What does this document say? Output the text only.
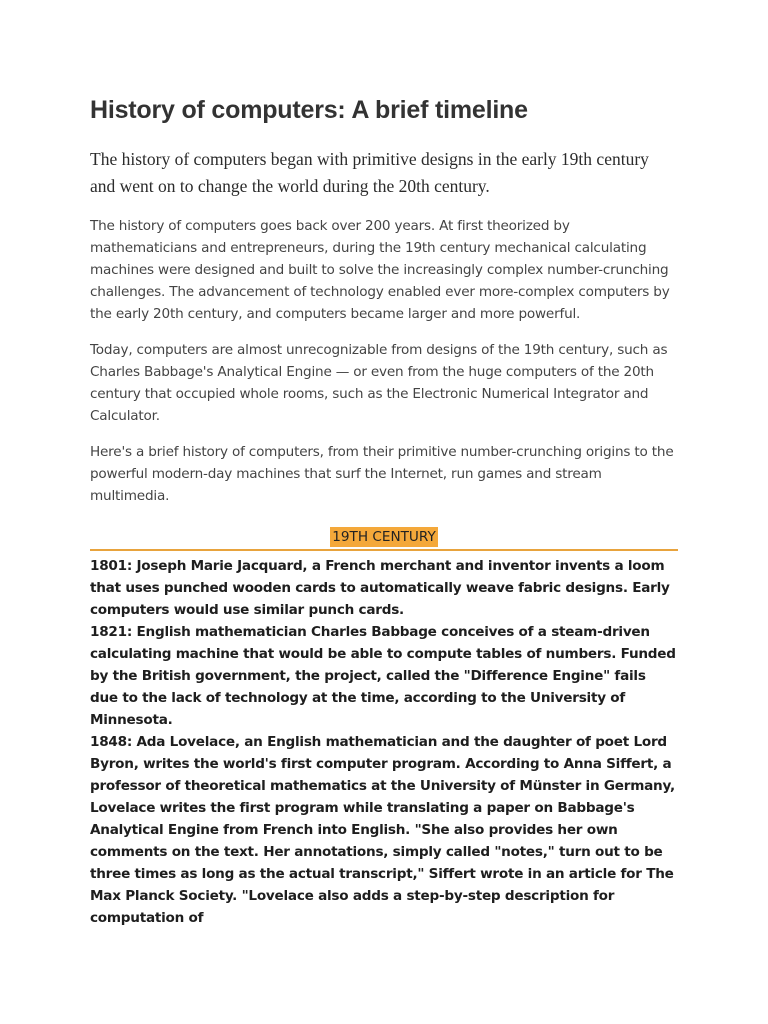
History of computers: A brief timeline

The history of computers began with primitive designs in the early 19th century and went on to change the world during the 20th century.

The history of computers goes back over 200 years. At first theorized by mathematicians and entrepreneurs, during the 19th century mechanical calculating machines were designed and built to solve the increasingly complex number-crunching challenges. The advancement of technology enabled ever more-complex computers by the early 20th century, and computers became larger and more powerful.

Today, computers are almost unrecognizable from designs of the 19th century, such as Charles Babbage's Analytical Engine — or even from the huge computers of the 20th century that occupied whole rooms, such as the Electronic Numerical Integrator and Calculator.

Here's a brief history of computers, from their primitive number-crunching origins to the powerful modern-day machines that surf the Internet, run games and stream multimedia.

19TH CENTURY

1801: Joseph Marie Jacquard, a French merchant and inventor invents a loom that uses punched wooden cards to automatically weave fabric designs. Early computers would use similar punch cards.

1821: English mathematician Charles Babbage conceives of a steam-driven calculating machine that would be able to compute tables of numbers. Funded by the British government, the project, called the "Difference Engine" fails due to the lack of technology at the time, according to the University of Minnesota.

1848: Ada Lovelace, an English mathematician and the daughter of poet Lord Byron, writes the world's first computer program. According to Anna Siffert, a professor of theoretical mathematics at the University of Münster in Germany, Lovelace writes the first program while translating a paper on Babbage's Analytical Engine from French into English. "She also provides her own comments on the text. Her annotations, simply called "notes," turn out to be three times as long as the actual transcript," Siffert wrote in an article for The Max Planck Society. "Lovelace also adds a step-by-step description for computation of
